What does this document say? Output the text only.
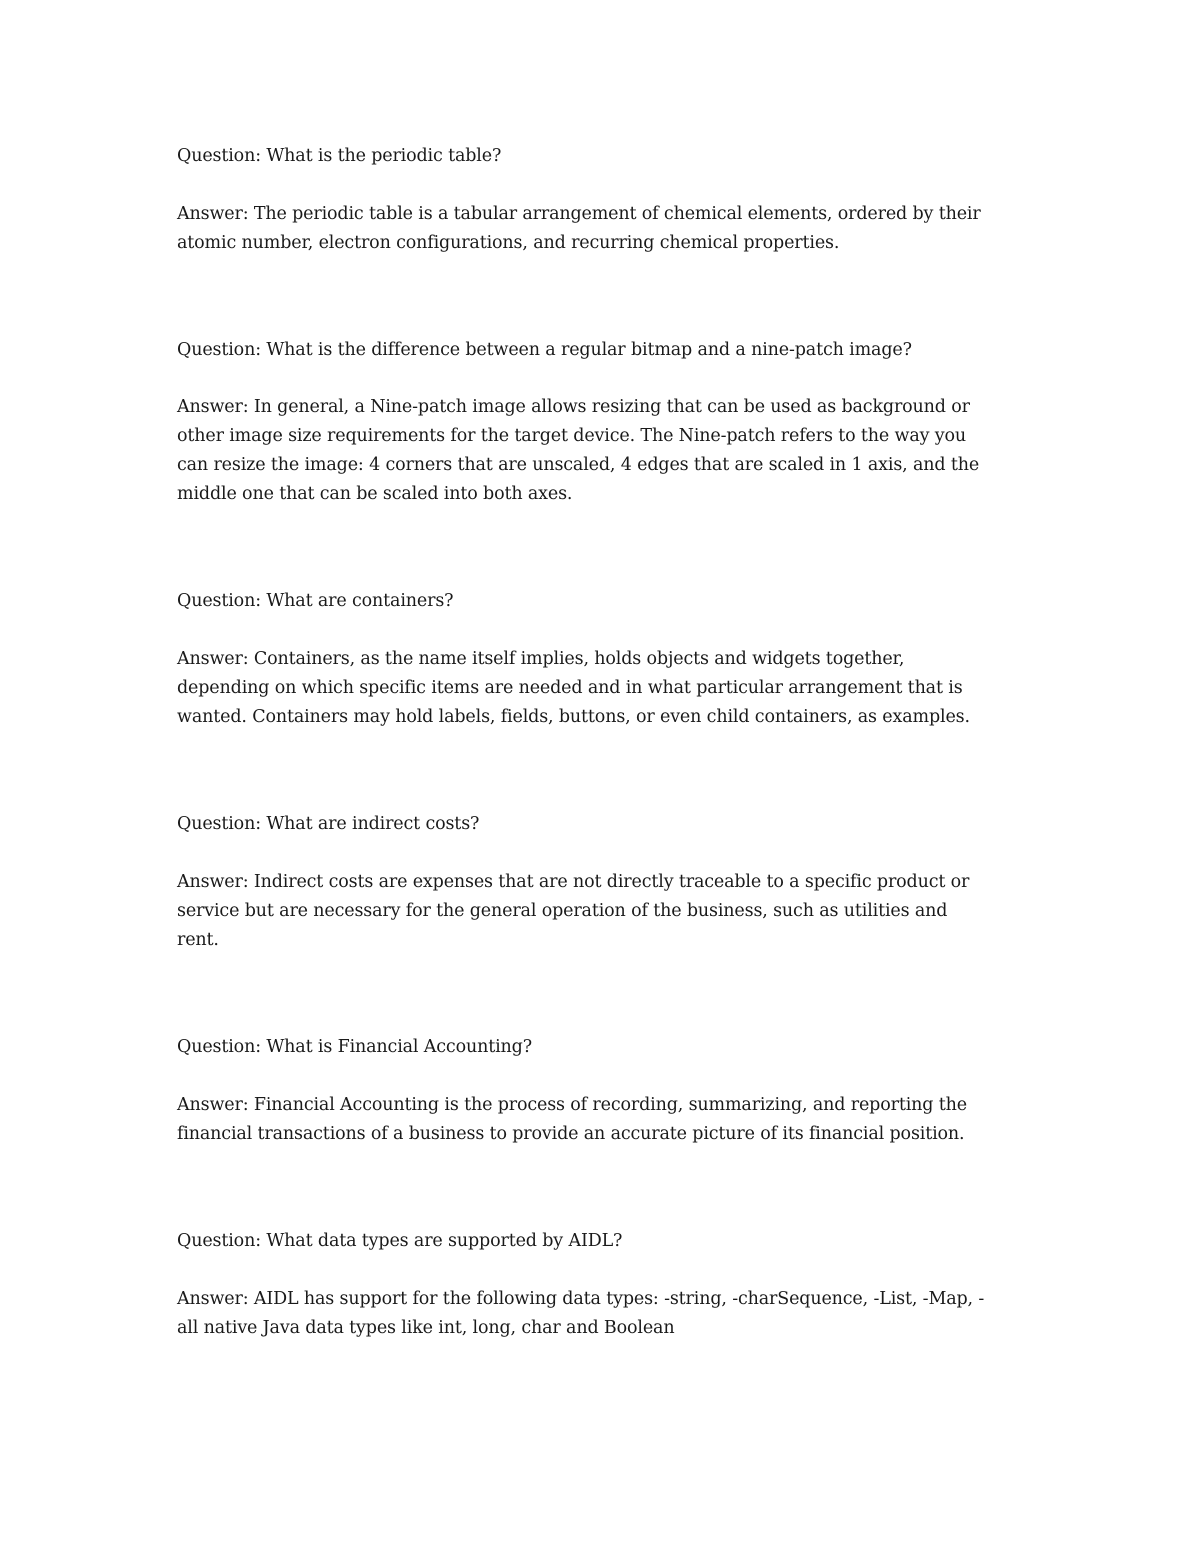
Question: What is the periodic table?
Answer: The periodic table is a tabular arrangement of chemical elements, ordered by their
atomic number, electron configurations, and recurring chemical properties.
Question: What is the difference between a regular bitmap and a nine-patch image?
Answer: In general, a Nine-patch image allows resizing that can be used as background or
other image size requirements for the target device. The Nine-patch refers to the way you
can resize the image: 4 corners that are unscaled, 4 edges that are scaled in 1 axis, and the
middle one that can be scaled into both axes.
Question: What are containers?
Answer: Containers, as the name itself implies, holds objects and widgets together,
depending on which specific items are needed and in what particular arrangement that is
wanted. Containers may hold labels, fields, buttons, or even child containers, as examples.
Question: What are indirect costs?
Answer: Indirect costs are expenses that are not directly traceable to a specific product or
service but are necessary for the general operation of the business, such as utilities and
rent.
Question: What is Financial Accounting?
Answer: Financial Accounting is the process of recording, summarizing, and reporting the
financial transactions of a business to provide an accurate picture of its financial position.
Question: What data types are supported by AIDL?
Answer: AIDL has support for the following data types: -string, -charSequence, -List, -Map, -
all native Java data types like int, long, char and Boolean
